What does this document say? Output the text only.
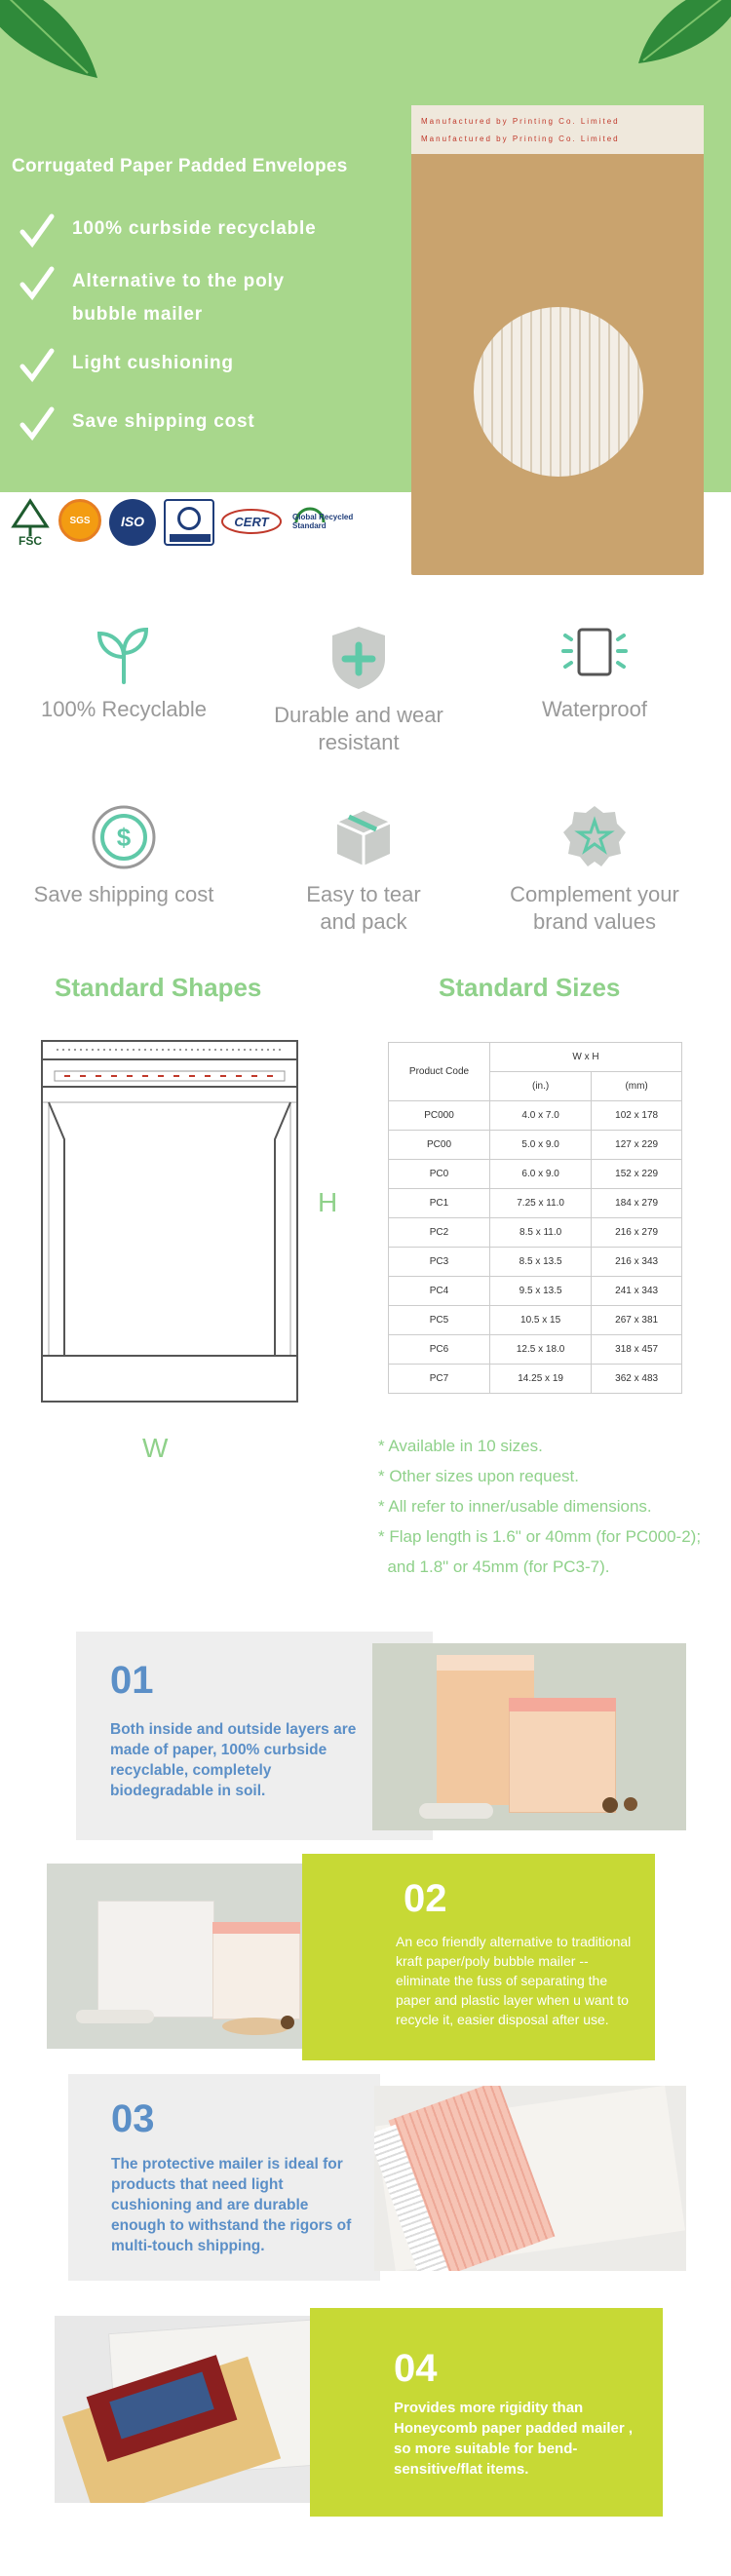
Corrugated Paper Padded Envelopes
100% curbside recyclable
Alternative to the poly
bubble mailer
Light cushioning
Save shipping cost
FSC
SGS	ISO	CERT	Global Recycled Standard
Manufactured by Printing Co. Limited
Manufactured by Printing Co. Limited
100% Recyclable	Durable and wear resistant
Waterproof
$
Save shipping cost	Easy to tear and pack
Complement your brand values
Standard Shapes	Standard Sizes
H
W
Product Code	W x H	
	(in.)	(mm)
PC000	4.0 x 7.0	102 x 178
PC00	5.0 x 9.0	127 x 229
PC0	6.0 x 9.0	152 x 229
PC1	7.25 x 11.0	184 x 279
PC2	8.5 x 11.0	216 x 279
PC3	8.5 x 13.5	216 x 343
PC4	9.5 x 13.5	241 x 343
PC5	10.5 x 15	267 x 381
PC6	12.5 x 18.0	318 x 457
PC7	14.25 x 19	362 x 483
* Available in 10 sizes.
* Other sizes upon request.
* All refer to inner/usable dimensions.
* Flap length is 1.6" or 40mm (for PC000-2);
and 1.8" or 45mm (for PC3-7).
01
Both inside and outside layers are made of paper, 100% curbside recyclable, completely biodegradable in soil.
02
An eco friendly alternative to traditional kraft paper/poly bubble mailer -- eliminate the fuss of separating the paper and plastic layer when u want to recycle it, easier disposal after use.
03
The protective mailer is ideal for products that need light cushioning and are durable enough to withstand the rigors of multi-touch shipping.
04
Provides more rigidity than Honeycomb paper padded mailer , so more suitable for bend-sensitive/flat items.
